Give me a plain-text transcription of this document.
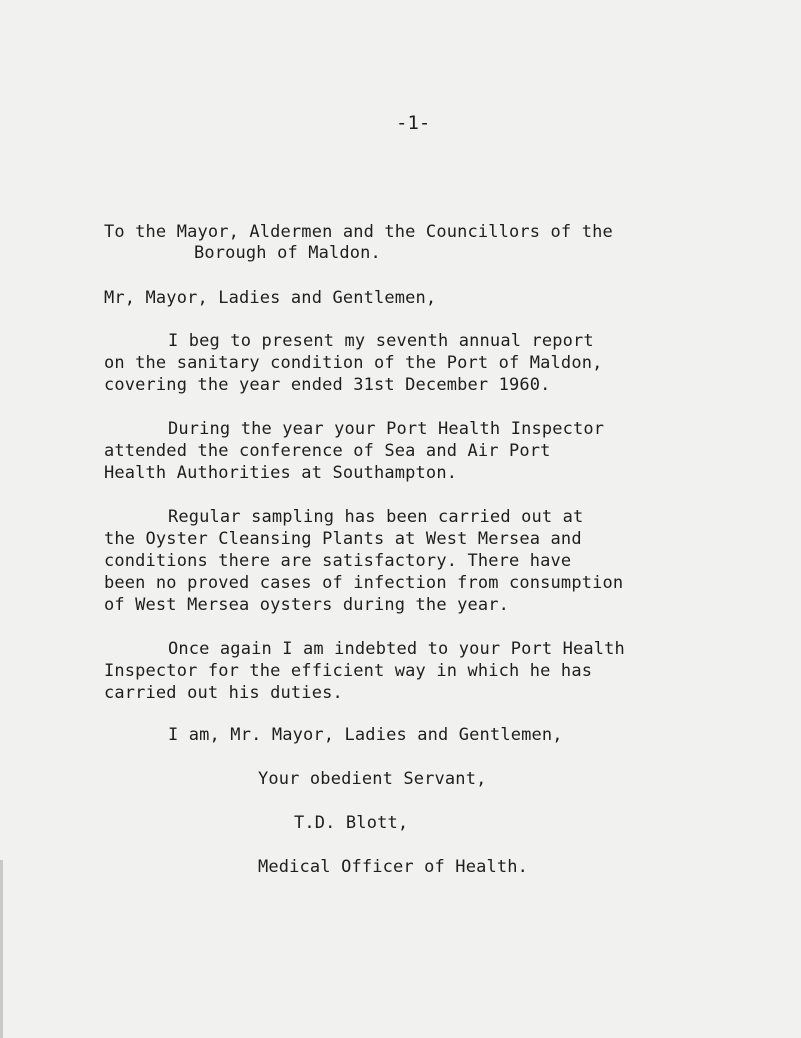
-1-
To the Mayor, Aldermen and the Councillors of the
Borough of Maldon.
Mr, Mayor, Ladies and Gentlemen,
I beg to present my seventh annual report
on the sanitary condition of the Port of Maldon,
covering the year ended 31st December 1960.
During the year your Port Health Inspector
attended the conference of Sea and Air Port
Health Authorities at Southampton.
Regular sampling has been carried out at
the Oyster Cleansing Plants at West Mersea and
conditions there are satisfactory. There have
been no proved cases of infection from consumption
of West Mersea oysters during the year.
Once again I am indebted to your Port Health
Inspector for the efficient way in which he has
carried out his duties.
I am, Mr. Mayor, Ladies and Gentlemen,
Your obedient Servant,
T.D. Blott,
Medical Officer of Health.
